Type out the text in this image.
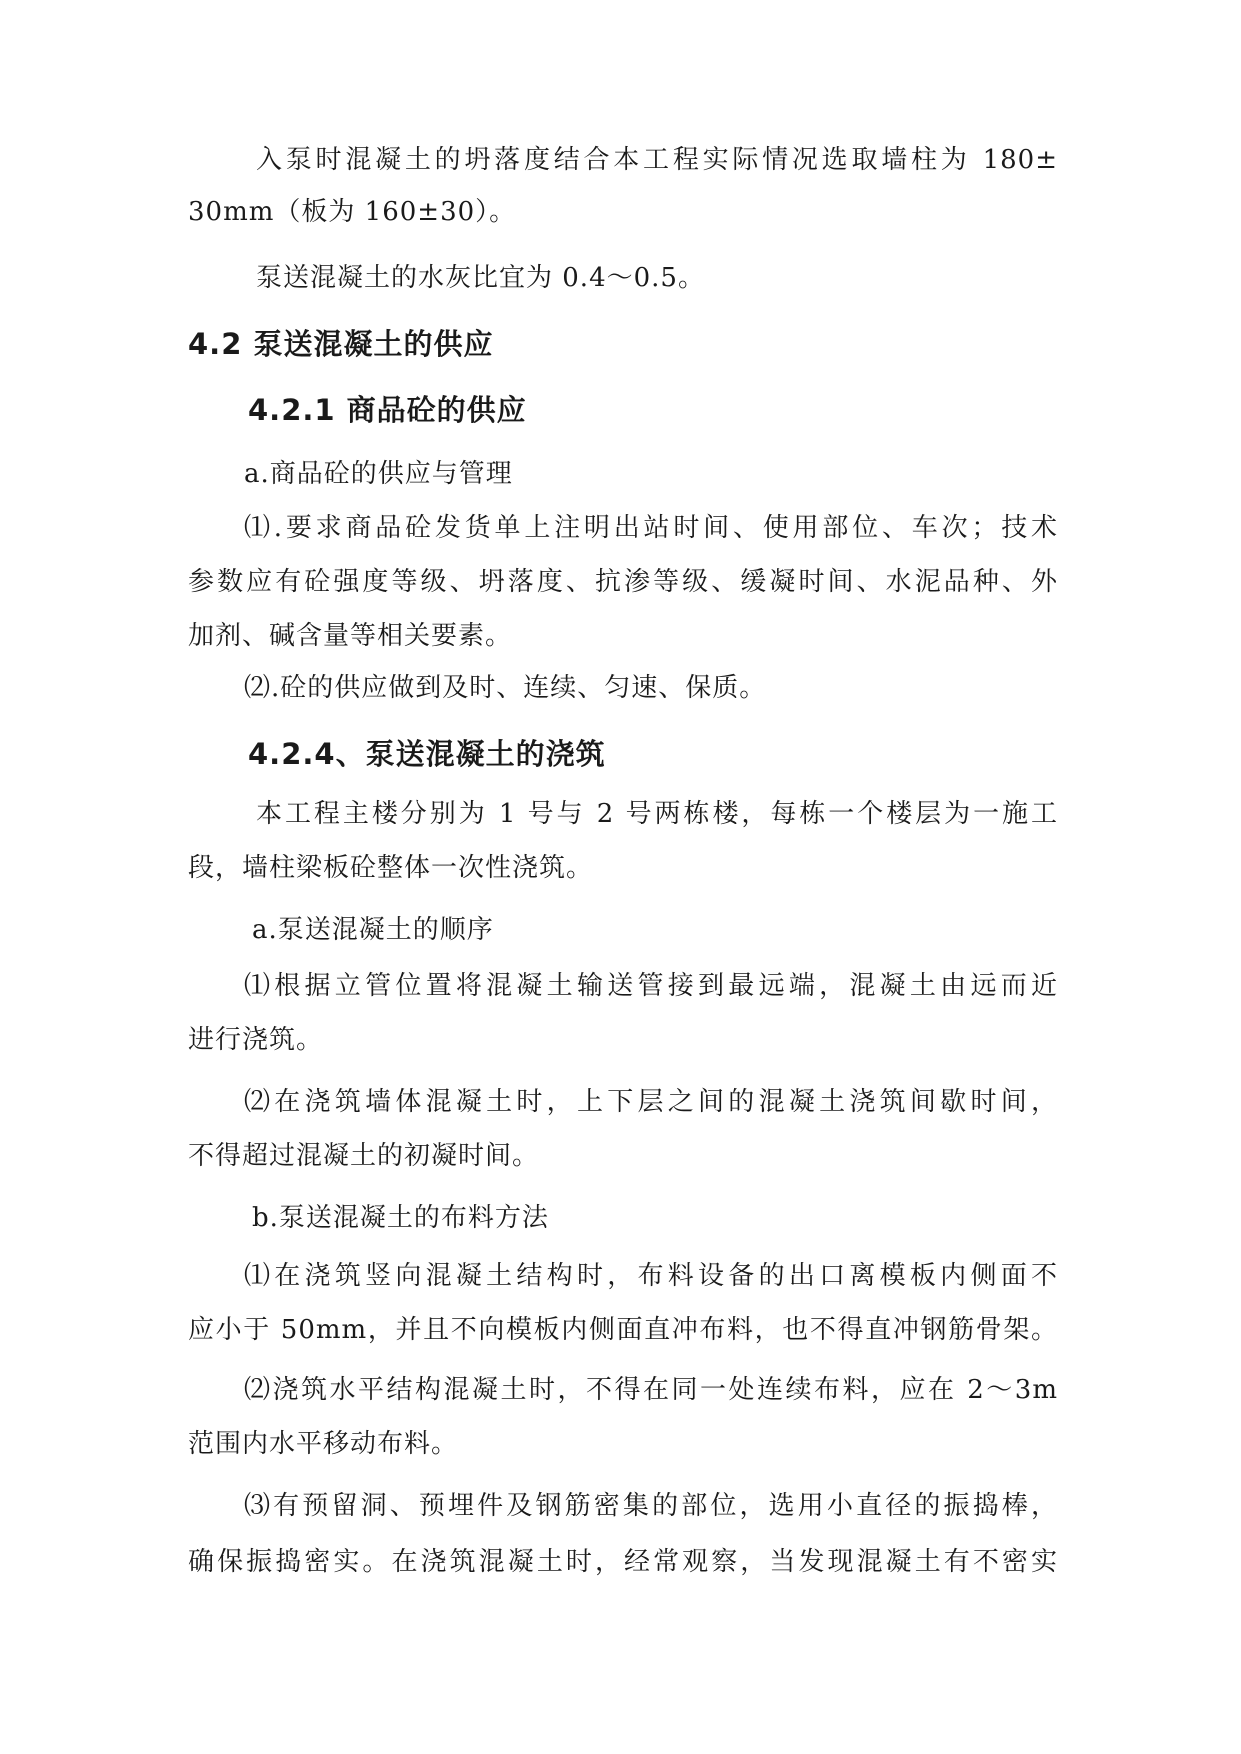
入泵时混凝土的坍落度结合本工程实际情况选取墙柱为 180±
30mm（板为 160±30）。
泵送混凝土的水灰比宜为 0.4～0.5。
4.2 泵送混凝土的供应
4.2.1 商品砼的供应
a.商品砼的供应与管理
⑴.要求商品砼发货单上注明出站时间、使用部位、车次；技术
参数应有砼强度等级、坍落度、抗渗等级、缓凝时间、水泥品种、外
加剂、碱含量等相关要素。
⑵.砼的供应做到及时、连续、匀速、保质。
4.2.4、泵送混凝土的浇筑
本工程主楼分别为 1 号与 2 号两栋楼，每栋一个楼层为一施工
段，墙柱梁板砼整体一次性浇筑。
a.泵送混凝土的顺序
⑴根据立管位置将混凝土输送管接到最远端，混凝土由远而近
进行浇筑。
⑵在浇筑墙体混凝土时，上下层之间的混凝土浇筑间歇时间，
不得超过混凝土的初凝时间。
b.泵送混凝土的布料方法
⑴在浇筑竖向混凝土结构时，布料设备的出口离模板内侧面不
应小于 50mm，并且不向模板内侧面直冲布料，也不得直冲钢筋骨架。
⑵浇筑水平结构混凝土时，不得在同一处连续布料，应在 2～3m
范围内水平移动布料。
⑶有预留洞、预埋件及钢筋密集的部位，选用小直径的振捣棒，
确保振捣密实。在浇筑混凝土时，经常观察，当发现混凝土有不密实
